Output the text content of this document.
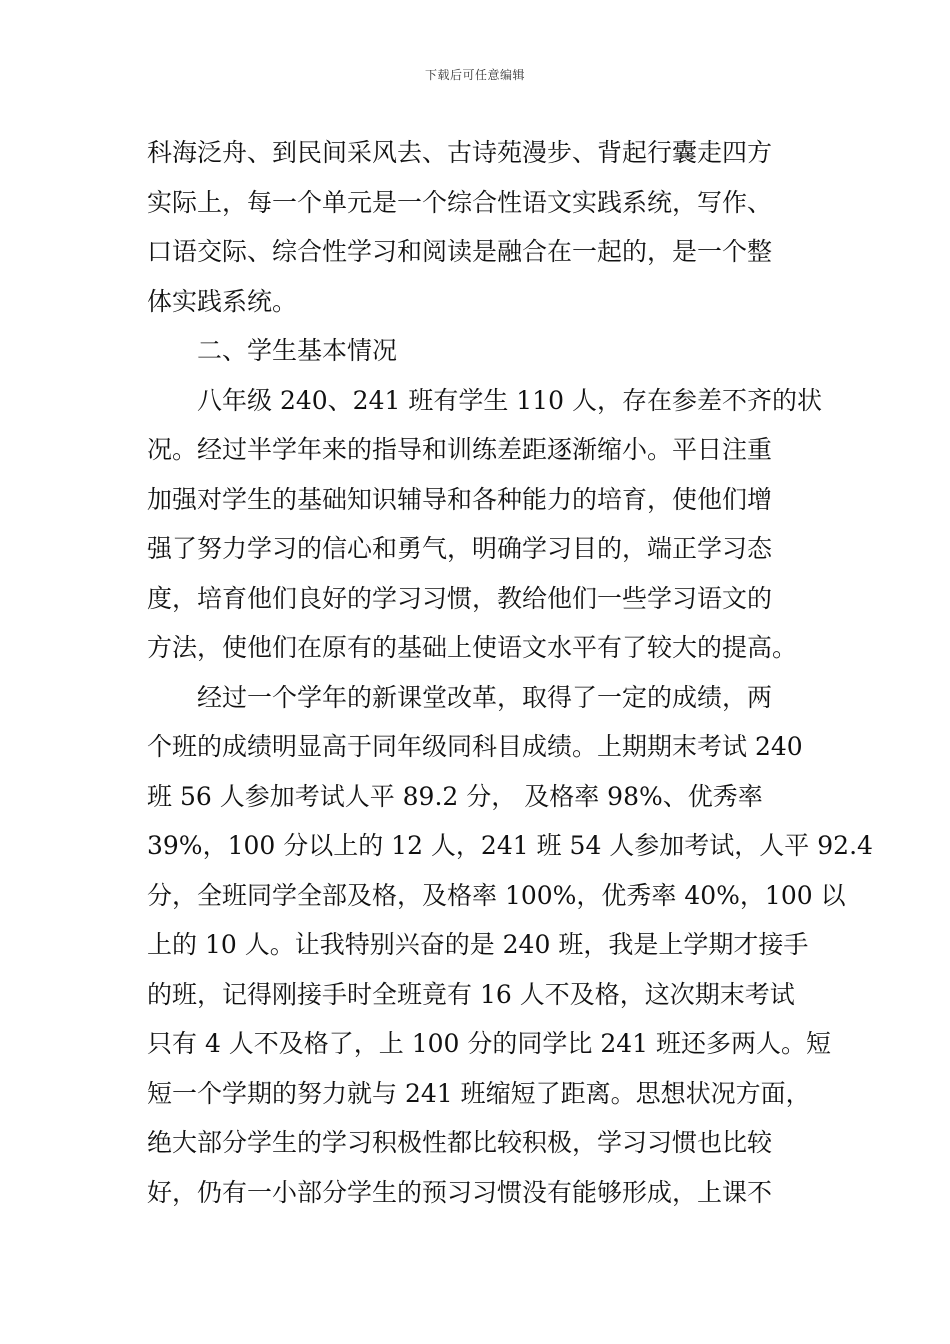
下载后可任意编辑
科海泛舟、到民间采风去、古诗苑漫步、背起行囊走四方
实际上，每一个单元是一个综合性语文实践系统，写作、
口语交际、综合性学习和阅读是融合在一起的，是一个整
体实践系统。
二、学生基本情况
八年级 240、241 班有学生 110 人，存在参差不齐的状
况。经过半学年来的指导和训练差距逐渐缩小。平日注重
加强对学生的基础知识辅导和各种能力的培育，使他们增
强了努力学习的信心和勇气，明确学习目的，端正学习态
度，培育他们良好的学习习惯，教给他们一些学习语文的
方法，使他们在原有的基础上使语文水平有了较大的提高。
经过一个学年的新课堂改革，取得了一定的成绩，两
个班的成绩明显高于同年级同科目成绩。上期期末考试 240
班 56 人参加考试人平 89.2 分， 及格率 98%、优秀率
39%，100 分以上的 12 人，241 班 54 人参加考试，人平 92.4
分，全班同学全部及格，及格率 100%，优秀率 40%，100 以
上的 10 人。让我特别兴奋的是 240 班，我是上学期才接手
的班，记得刚接手时全班竟有 16 人不及格，这次期末考试
只有 4 人不及格了，上 100 分的同学比 241 班还多两人。短
短一个学期的努力就与 241 班缩短了距离。思想状况方面，
绝大部分学生的学习积极性都比较积极，学习习惯也比较
好，仍有一小部分学生的预习习惯没有能够形成，上课不
